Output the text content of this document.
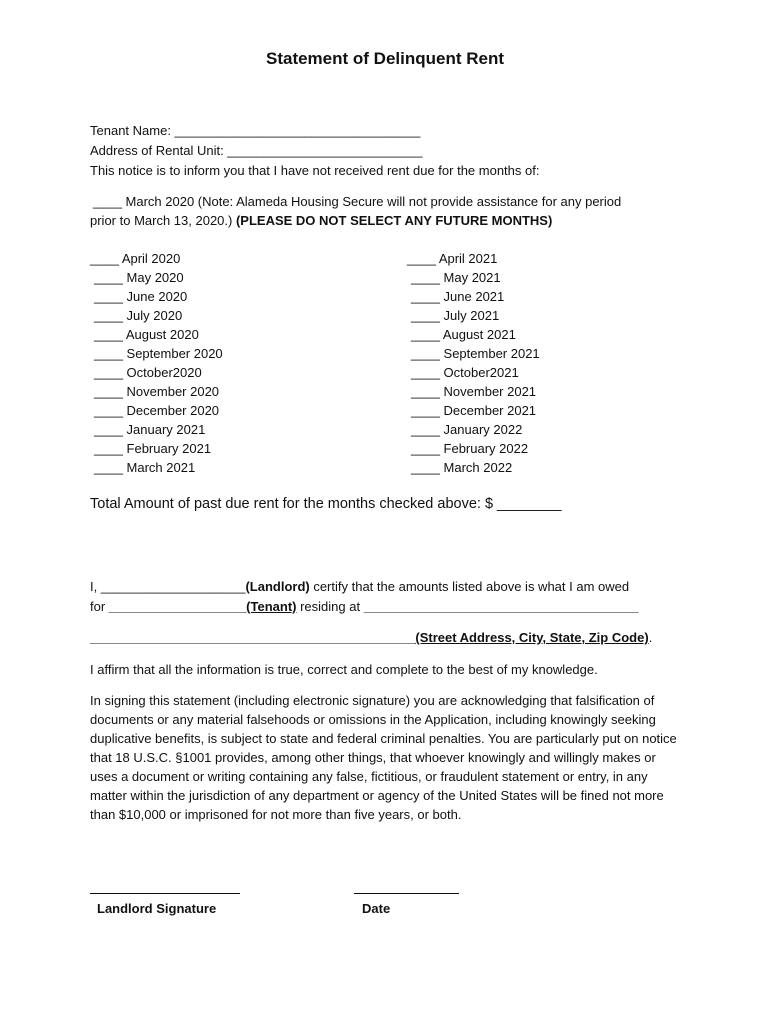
Statement of Delinquent Rent
Tenant Name: __________________________________
Address of Rental Unit: ___________________________
This notice is to inform you that I have not received rent due for the months of:
____ March 2020 (Note: Alameda Housing Secure will not provide assistance for any period
prior to March 13, 2020.) (PLEASE DO NOT SELECT ANY FUTURE MONTHS)
____ April 2020
____ May 2020
____ June 2020
____ July 2020
____ August 2020
____ September 2020
____ October2020
____ November 2020
____ December 2020
____ January 2021
____ February 2021
____ March 2021
____ April 2021
____ May 2021
____ June 2021
____ July 2021
____ August 2021
____ September 2021
____ October2021
____ November 2021
____ December 2021
____ January 2022
____ February 2022
____ March 2022
Total Amount of past due rent for the months checked above: $ ________
I, ____________________(Landlord) certify that the amounts listed above is what I am owed
for ___________________(Tenant) residing at ______________________________________
_____________________________________________(Street Address, City, State, Zip Code).
I affirm that all the information is true, correct and complete to the best of my knowledge.
In signing this statement (including electronic signature) you are acknowledging that falsification of documents or any material falsehoods or omissions in the Application, including knowingly seeking duplicative benefits, is subject to state and federal criminal penalties. You are particularly put on notice that 18 U.S.C. §1001 provides, among other things, that whoever knowingly and willingly makes or uses a document or writing containing any false, fictitious, or fraudulent statement or entry, in any matter within the jurisdiction of any department or agency of the United States will be fined not more than $10,000 or imprisoned for not more than five years, or both.
Landlord Signature	Date
